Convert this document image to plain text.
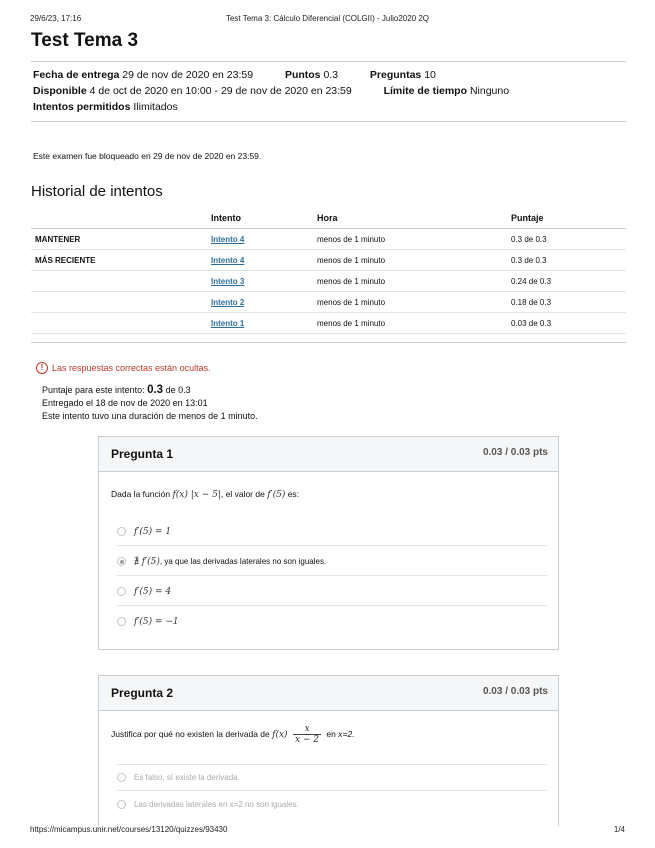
29/6/23, 17:16	Test Tema 3: Cálculo Diferencial (COLGII) - Julio2020 2Q
Test Tema 3
Fecha de entrega 29 de nov de 2020 en 23:59	Puntos 0.3	Preguntas 10
Disponible 4 de oct de 2020 en 10:00 - 29 de nov de 2020 en 23:59	Límite de tiempo Ninguno
Intentos permitidos Ilimitados
Este examen fue bloqueado en 29 de nov de 2020 en 23:59.
Historial de intentos
	Intento	Hora	Puntaje
MANTENER	Intento 4	menos de 1 minuto	0.3 de 0.3
MÁS RECIENTE	Intento 4	menos de 1 minuto	0.3 de 0.3
	Intento 3	menos de 1 minuto	0.24 de 0.3
	Intento 2	menos de 1 minuto	0.18 de 0.3
	Intento 1	menos de 1 minuto	0.03 de 0.3
! Las respuestas correctas están ocultas.
Puntaje para este intento: 0.3 de 0.3
Entregado el 18 de nov de 2020 en 13:01
Este intento tuvo una duración de menos de 1 minuto.
Pregunta 1	0.03 / 0.03 pts
Dada la función f(x) |x − 5|, el valor de f′(5) es:
f′(5) = 1
∄ f′(5), ya que las derivadas laterales no son iguales.
f′(5) = 4
f′(5) = −1
Pregunta 2	0.03 / 0.03 pts
Justifica por qué no existen la derivada de $f(x) \frac{x}{x - 2}$ en x=2.
Es falso, sí existe la derivada.
Las derivadas laterales en x=2 no son iguales.
https://micampus.unir.net/courses/13120/quizzes/93430	1/4
